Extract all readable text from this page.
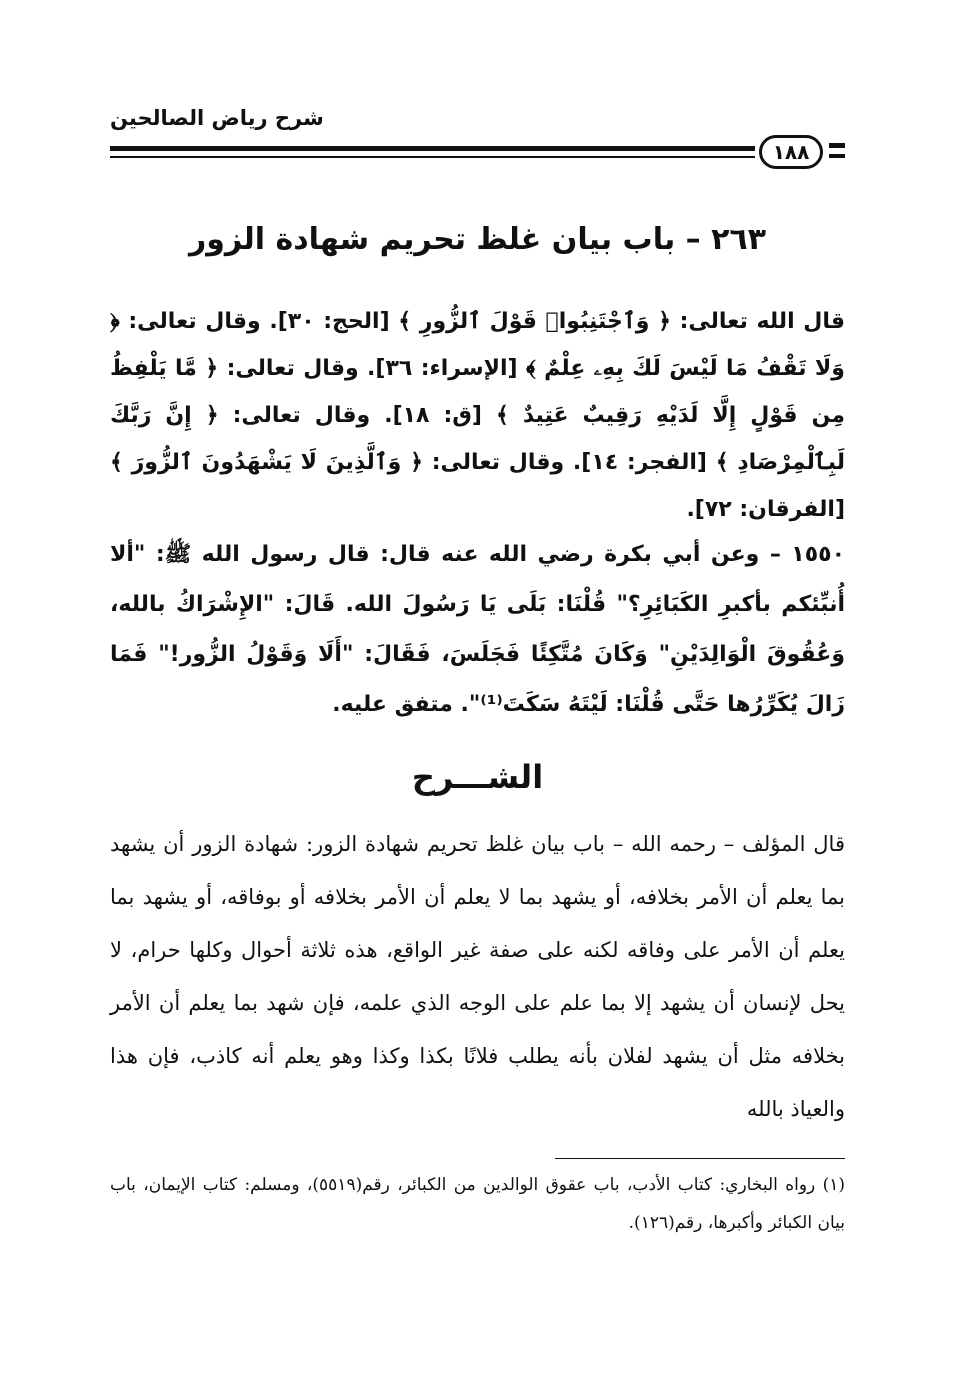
شرح رياض الصالحين
١٨٨
٢٦٣ – باب بيان غلظ تحريم شهادة الزور
قال الله تعالى: ﴿ وَٱجْتَنِبُوا۟ قَوْلَ ٱلزُّورِ ﴾ [الحج: ٣٠]. وقال تعالى: ﴿ وَلَا تَقْفُ مَا لَيْسَ لَكَ بِهِۦ عِلْمٌ ﴾ [الإسراء: ٣٦]. وقال تعالى: ﴿ مَّا يَلْفِظُ مِن قَوْلٍ إِلَّا لَدَيْهِ رَقِيبٌ عَتِيدٌ ﴾ [ق: ١٨]. وقال تعالى: ﴿ إِنَّ رَبَّكَ لَبِٱلْمِرْصَادِ ﴾ [الفجر: ١٤]. وقال تعالى: ﴿ وَٱلَّذِينَ لَا يَشْهَدُونَ ٱلزُّورَ ﴾ [الفرقان: ٧٢].
١٥٥٠ – وعن أبي بكرة رضي الله عنه قال: قال رسول الله ﷺ: "ألا أُنبِّئكم بأكبرِ الكَبَائِرِ؟" قُلْنَا: بَلَى يَا رَسُولَ الله. قَالَ: "الإِشْرَاكُ بالله، وَعُقُوقَ الْوَالِدَيْنِ" وَكَانَ مُتَّكِئًا فَجَلَسَ، فَقَالَ: "أَلَا وَقَوْلُ الزُّور!" فَمَا زَالَ يُكَرِّرُها حَتَّى قُلْنَا: لَيْتَهُ سَكَتَ⁽¹⁾". متفق عليه.
الشـــرح
قال المؤلف – رحمه الله – باب بيان غلظ تحريم شهادة الزور: شهادة الزور أن يشهد بما يعلم أن الأمر بخلافه، أو يشهد بما لا يعلم أن الأمر بخلافه أو بوفاقه، أو يشهد بما يعلم أن الأمر على وفاقه لكنه على صفة غير الواقع، هذه ثلاثة أحوال وكلها حرام، لا يحل لإنسان أن يشهد إلا بما علم على الوجه الذي علمه، فإن شهد بما يعلم أن الأمر بخلافه مثل أن يشهد لفلان بأنه يطلب فلانًا بكذا وكذا وهو يعلم أنه كاذب، فإن هذا والعياذ بالله
(١) رواه البخاري: كتاب الأدب، باب عقوق الوالدين من الكبائر، رقم(٥٥١٩)، ومسلم: كتاب الإيمان، باب بيان الكبائر وأكبرها، رقم(١٢٦).
